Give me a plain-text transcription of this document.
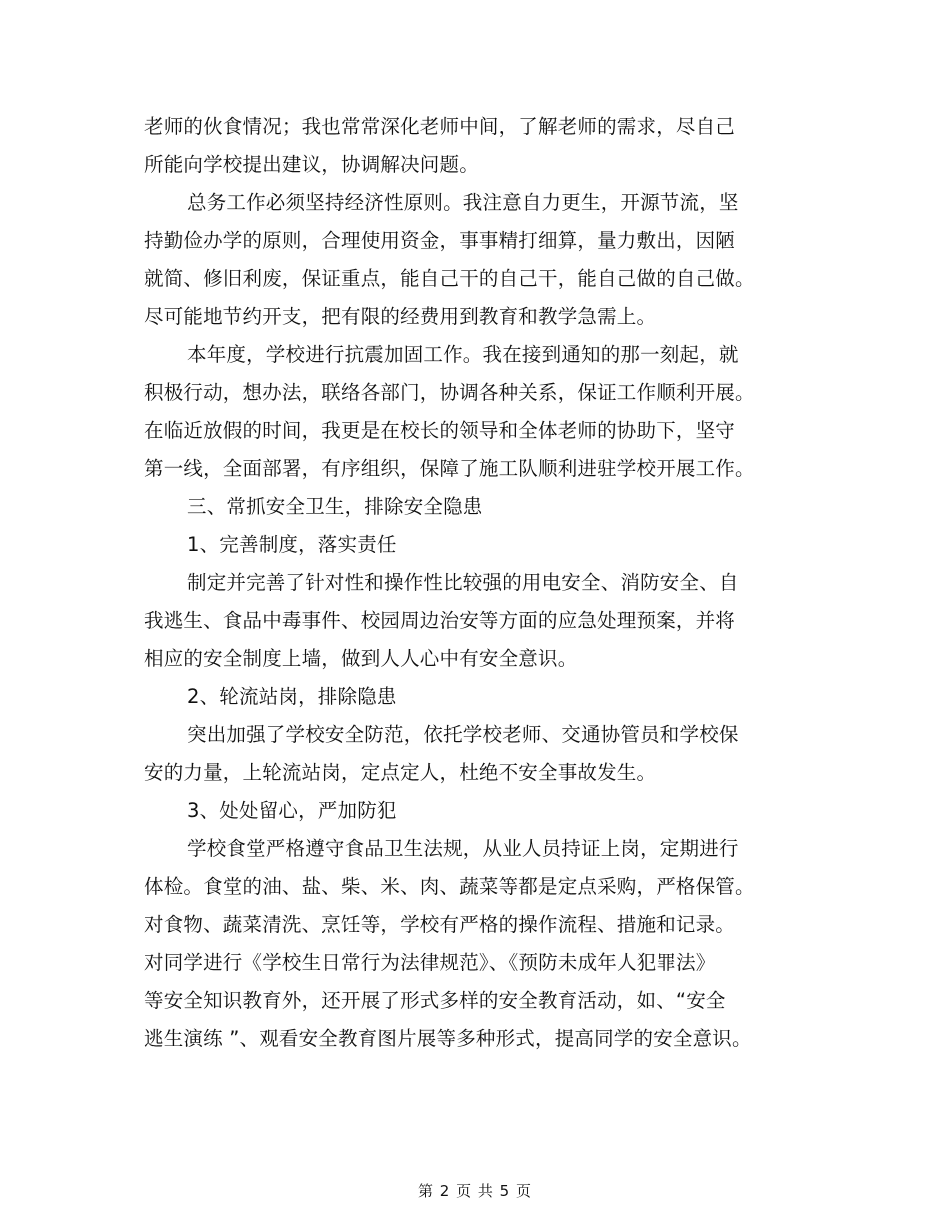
老师的伙食情况；我也常常深化老师中间，了解老师的需求，尽自己
所能向学校提出建议，协调解决问题。
总务工作必须坚持经济性原则。我注意自力更生，开源节流，坚
持勤俭办学的原则，合理使用资金，事事精打细算，量力敷出，因陋
就简、修旧利废，保证重点，能自己干的自己干，能自己做的自己做。
尽可能地节约开支，把有限的经费用到教育和教学急需上。
本年度，学校进行抗震加固工作。我在接到通知的那一刻起，就
积极行动，想办法，联络各部门，协调各种关系，保证工作顺利开展。
在临近放假的时间，我更是在校长的领导和全体老师的协助下，坚守
第一线，全面部署，有序组织，保障了施工队顺利进驻学校开展工作。
三、常抓安全卫生，排除安全隐患
1、完善制度，落实责任
制定并完善了针对性和操作性比较强的用电安全、消防安全、自
我逃生、食品中毒事件、校园周边治安等方面的应急处理预案，并将
相应的安全制度上墙，做到人人心中有安全意识。
2、轮流站岗，排除隐患
突出加强了学校安全防范，依托学校老师、交通协管员和学校保
安的力量，上轮流站岗，定点定人，杜绝不安全事故发生。
3、处处留心，严加防犯
学校食堂严格遵守食品卫生法规，从业人员持证上岗，定期进行
体检。食堂的油、盐、柴、米、肉、蔬菜等都是定点采购，严格保管。
对食物、蔬菜清洗、烹饪等，学校有严格的操作流程、措施和记录。
对同学进行《学校生日常行为法律规范》、《预防未成年人犯罪法》
等安全知识教育外，还开展了形式多样的安全教育活动，如、“安全
逃生演练 ”、观看安全教育图片展等多种形式，提高同学的安全意识。
第 2 页 共 5 页
